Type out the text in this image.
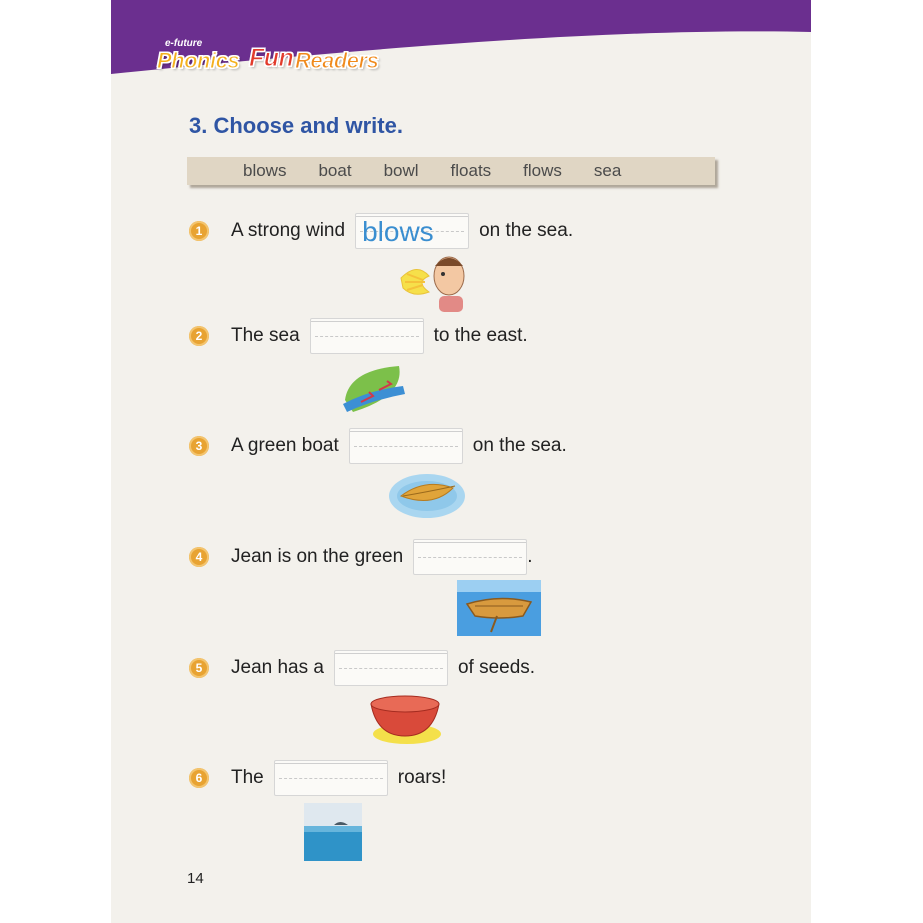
e-future
Phonics Fun Readers
3. Choose and write.
blows boat bowl floats flows sea
1	A strong wind blows on the sea.
2	The sea	to the east.
3	A green boat	on the sea.
4	Jean is on the green	.
5	Jean has a	of seeds.
6	The	roars!
14
